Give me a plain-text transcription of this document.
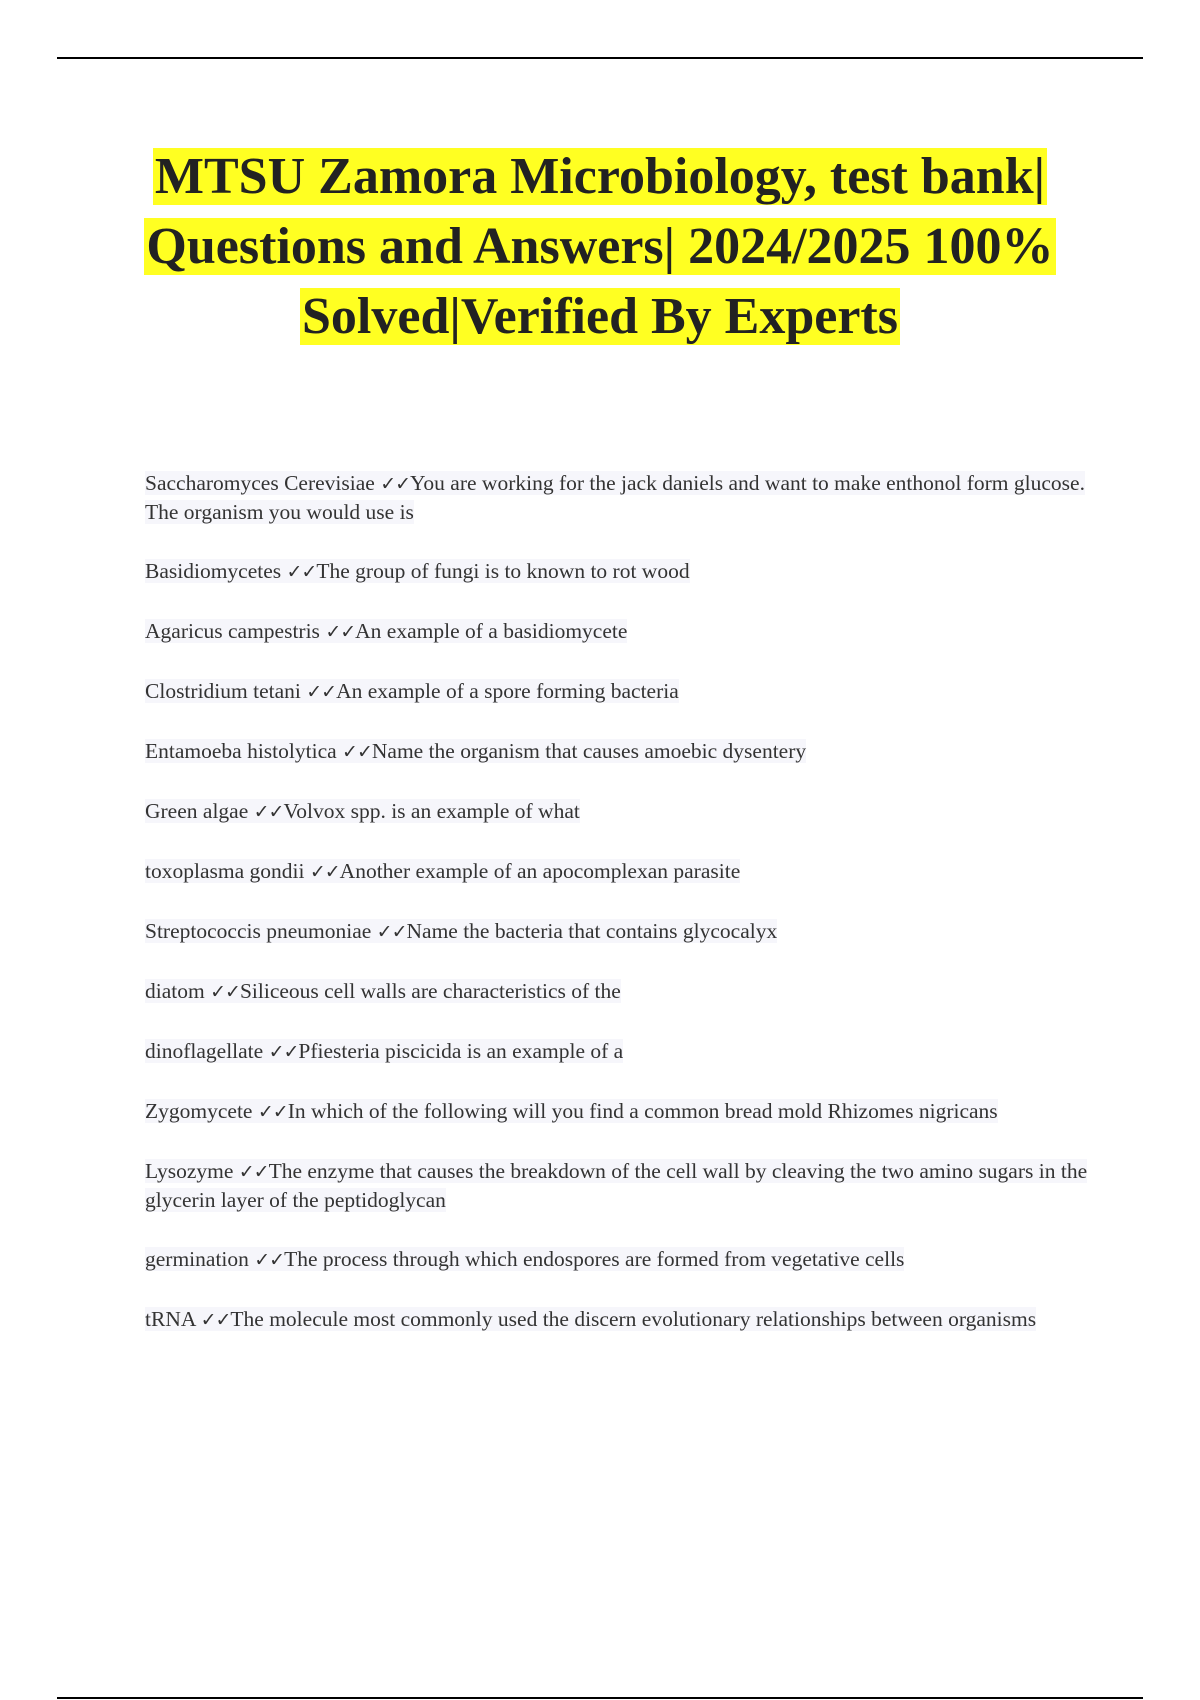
MTSU Zamora Microbiology, test bank| Questions and Answers| 2024/2025 100% Solved|Verified By Experts
Saccharomyces Cerevisiae ✓✓You are working for the jack daniels and want to make enthonol form glucose. The organism you would use is
Basidiomycetes ✓✓The group of fungi is to known to rot wood
Agaricus campestris ✓✓An example of a basidiomycete
Clostridium tetani ✓✓An example of a spore forming bacteria
Entamoeba histolytica ✓✓Name the organism that causes amoebic dysentery
Green algae ✓✓Volvox spp. is an example of what
toxoplasma gondii ✓✓Another example of an apocomplexan parasite
Streptococcis pneumoniae ✓✓Name the bacteria that contains glycocalyx
diatom ✓✓Siliceous cell walls are characteristics of the
dinoflagellate ✓✓Pfiesteria piscicida is an example of a
Zygomycete ✓✓In which of the following will you find a common bread mold Rhizomes nigricans
Lysozyme ✓✓The enzyme that causes the breakdown of the cell wall by cleaving the two amino sugars in the glycerin layer of the peptidoglycan
germination ✓✓The process through which endospores are formed from vegetative cells
tRNA ✓✓The molecule most commonly used the discern evolutionary relationships between organisms
